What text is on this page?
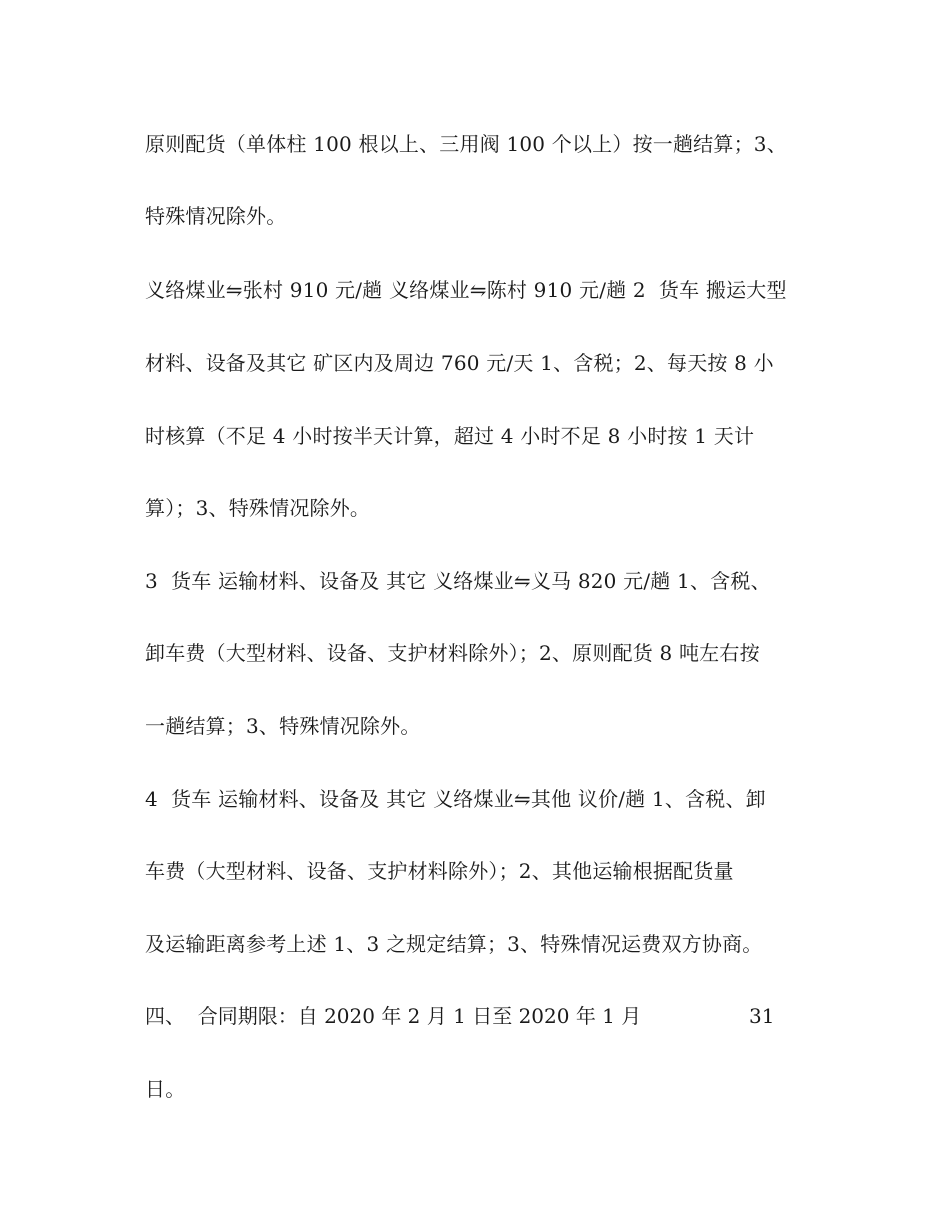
原则配货（单体柱 100 根以上、三用阀 100 个以上）按一趟结算；3、

特殊情况除外。

义络煤业⇋张村 910 元/趟 义络煤业⇋陈村 910 元/趟 2  货车 搬运大型

材料、设备及其它 矿区内及周边 760 元/天 1、含税；2、每天按 8 小

时核算（不足 4 小时按半天计算，超过 4 小时不足 8 小时按 1 天计

算）；3、特殊情况除外。

3  货车 运输材料、设备及 其它 义络煤业⇋义马 820 元/趟 1、含税、

卸车费（大型材料、设备、支护材料除外）；2、原则配货 8 吨左右按

一趟结算；3、特殊情况除外。

4  货车 运输材料、设备及 其它 义络煤业⇋其他 议价/趟 1、含税、卸

车费（大型材料、设备、支护材料除外）；2、其他运输根据配货量

及运输距离参考上述 1、3 之规定结算；3、特殊情况运费双方协商。

四、  合同期限：自 2020 年 2 月 1 日至 2020 年 1 月	31

日。
